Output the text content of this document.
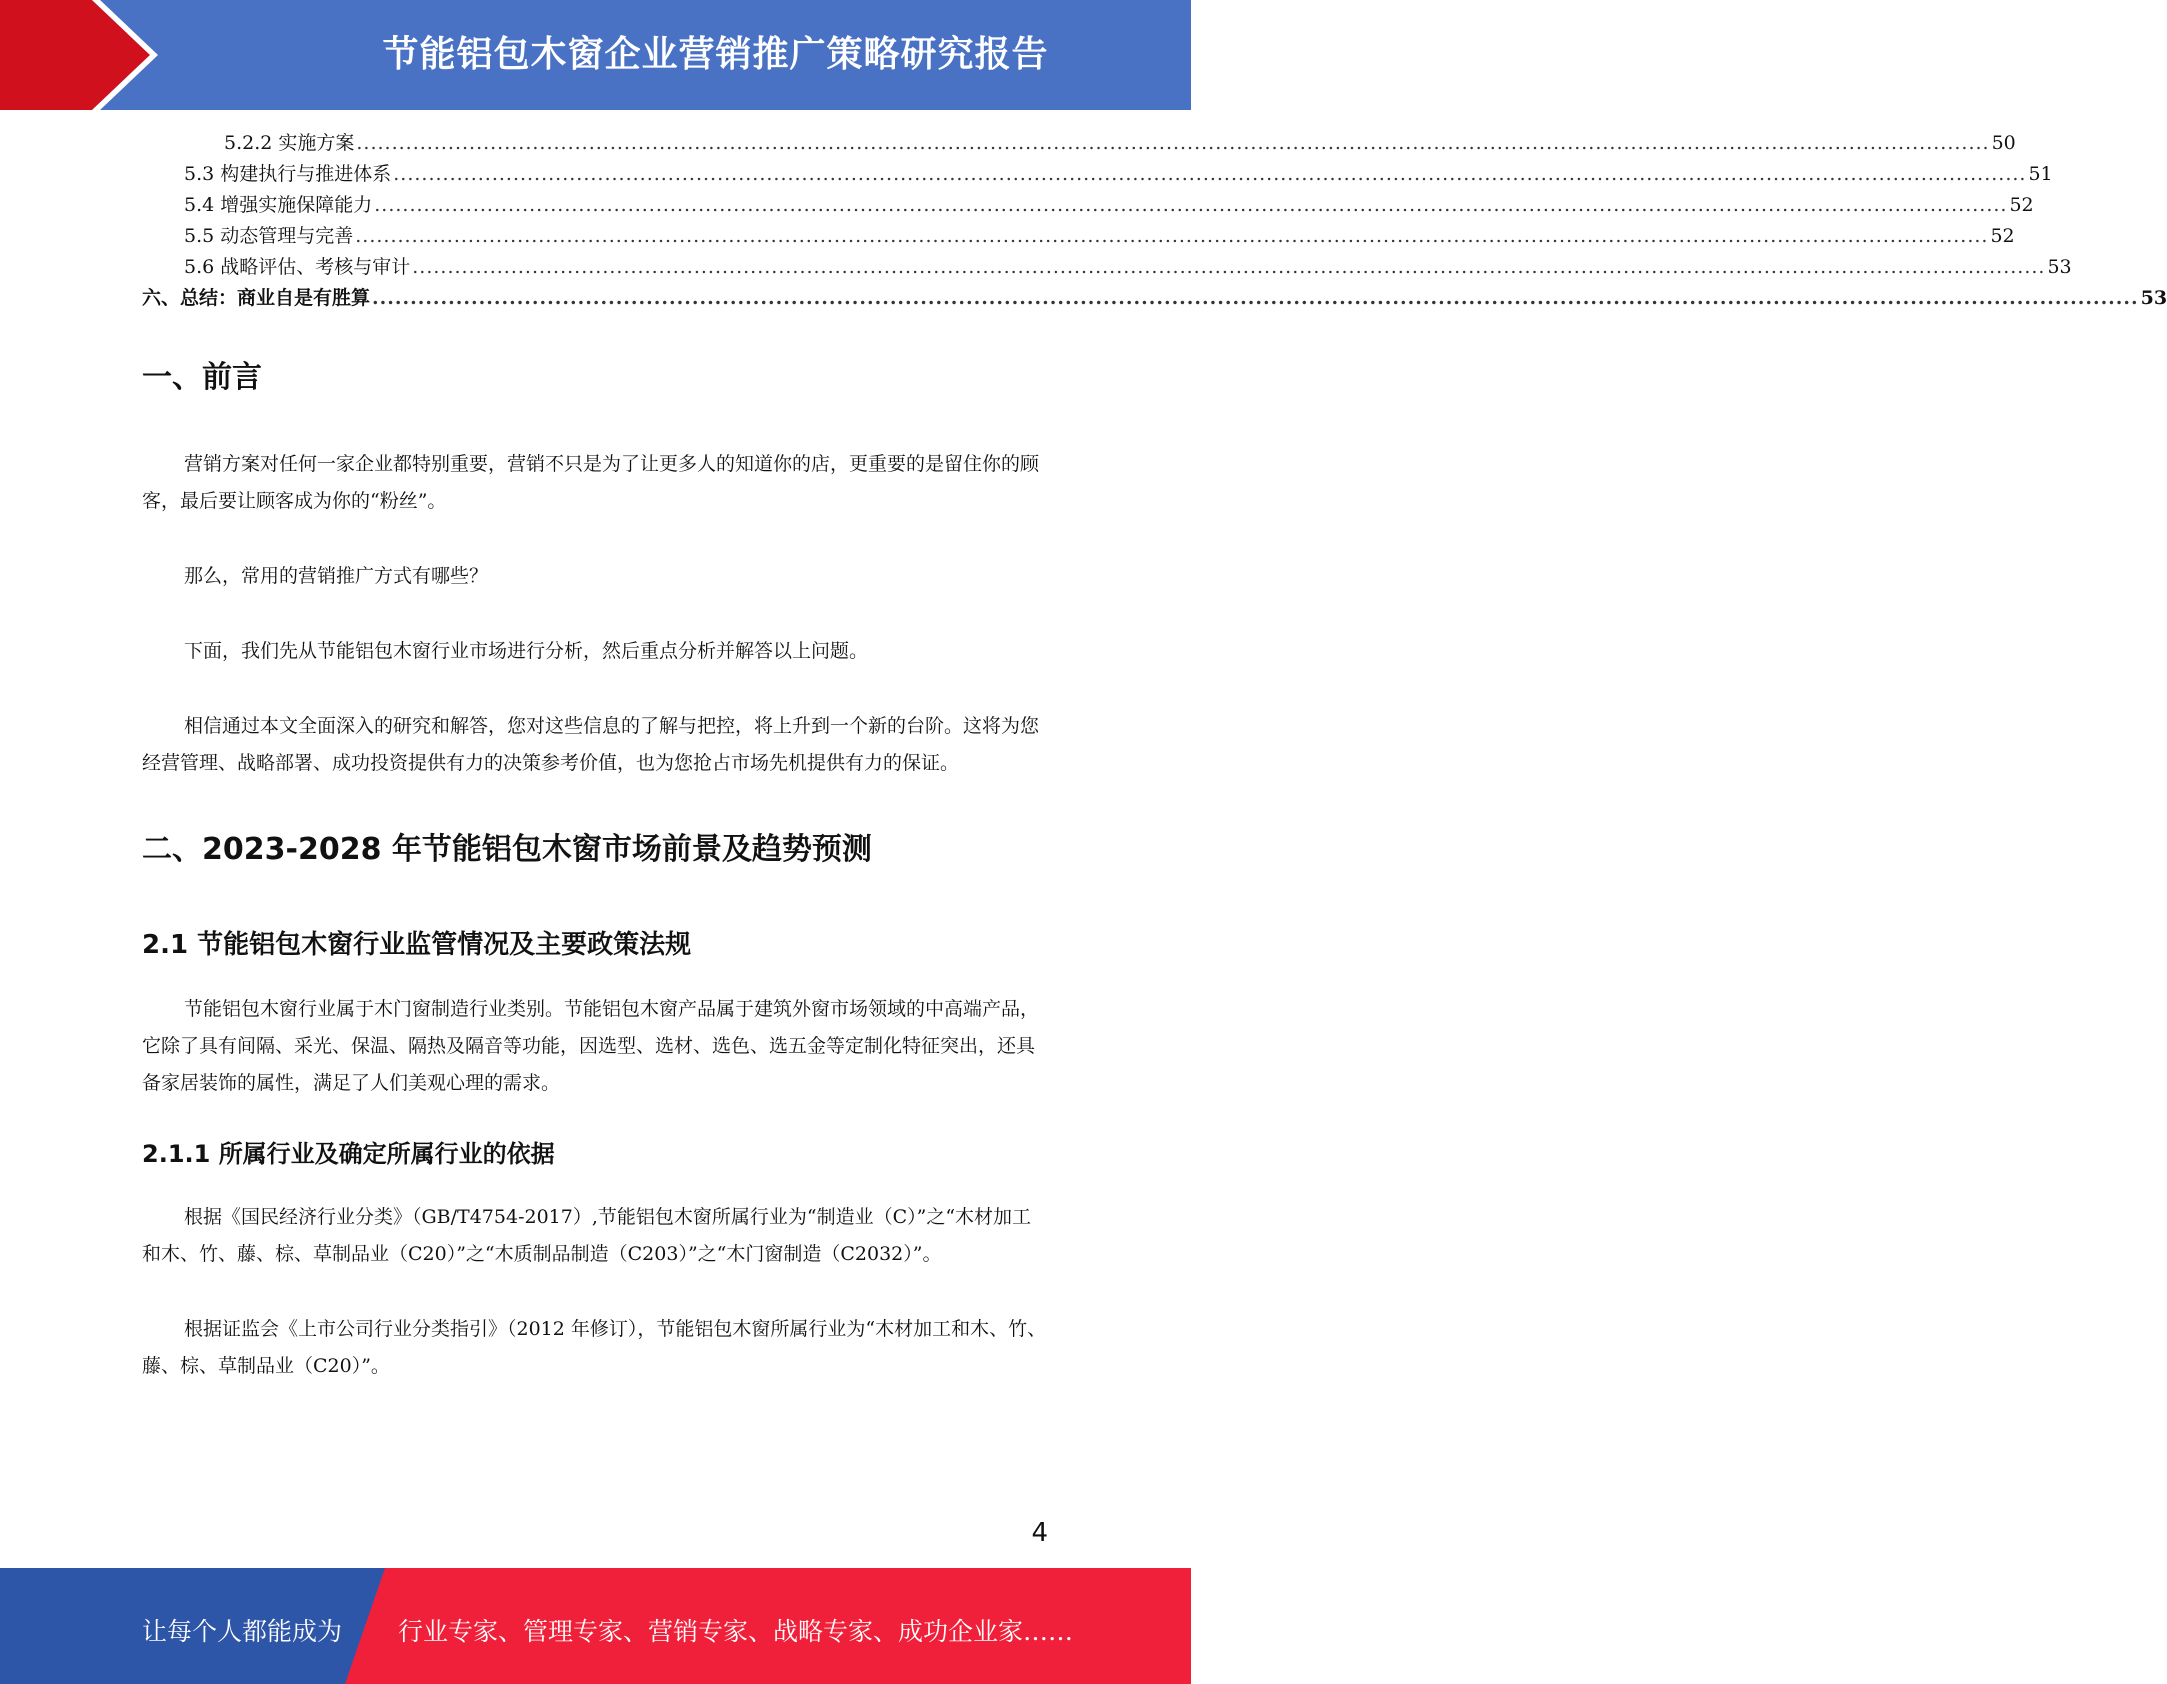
节能铝包木窗企业营销推广策略研究报告
5.2.2 实施方案 ........................................................................................................................................................................................................................................ 50
5.3 构建执行与推进体系 ........................................................................................................................................................................................................................................ 51
5.4 增强实施保障能力 ........................................................................................................................................................................................................................................ 52
5.5 动态管理与完善 ........................................................................................................................................................................................................................................ 52
5.6 战略评估、考核与审计 ........................................................................................................................................................................................................................................ 53
六、总结：商业自是有胜算 ........................................................................................................................................................................................................................................ 53
一、前言

营销方案对任何一家企业都特别重要，营销不只是为了让更多人的知道你的店，更重要的是留住你的顾客，最后要让顾客成为你的“粉丝”。

那么，常用的营销推广方式有哪些？

下面，我们先从节能铝包木窗行业市场进行分析，然后重点分析并解答以上问题。

相信通过本文全面深入的研究和解答，您对这些信息的了解与把控，将上升到一个新的台阶。这将为您经营管理、战略部署、成功投资提供有力的决策参考价值，也为您抢占市场先机提供有力的保证。

二、2023-2028 年节能铝包木窗市场前景及趋势预测
2.1 节能铝包木窗行业监管情况及主要政策法规

节能铝包木窗行业属于木门窗制造行业类别。节能铝包木窗产品属于建筑外窗市场领域的中高端产品，它除了具有间隔、采光、保温、隔热及隔音等功能，因选型、选材、选色、选五金等定制化特征突出，还具备家居装饰的属性，满足了人们美观心理的需求。

2.1.1 所属行业及确定所属行业的依据

根据《国民经济行业分类》（GB/T4754-2017）,节能铝包木窗所属行业为“制造业（C）”之“木材加工和木、竹、藤、棕、草制品业（C20）”之“木质制品制造（C203）”之“木门窗制造（C2032）”。

根据证监会《上市公司行业分类指引》（2012 年修订），节能铝包木窗所属行业为“木材加工和木、竹、藤、棕、草制品业（C20）”。

4
让每个人都能成为 行业专家、管理专家、营销专家、战略专家、成功企业家……
